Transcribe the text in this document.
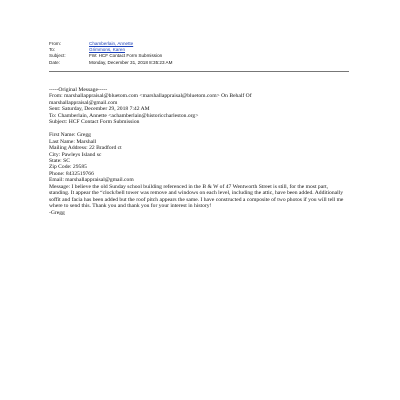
From:	Chamberlain, Annette
To:	Grimmons, Karen
Subject:	FW: HCF Contact Form Submission
Date:	Monday, December 31, 2018 8:35:23 AM
-----Original Message-----
From: marshallappraisal@bluetom.com <marshallappraisal@bluetom.com> On Behalf Of
marshallappraisal@gmail.com
Sent: Saturday, December 29, 2018 7:42 AM
To: Chamberlain, Annette <achamberlain@historiccharleston.org>
Subject: HCF Contact Form Submission
First Name: Gregg
Last Name: Marshall
Mailing Address: 22 Bradford ct
City: Pawleys Island sc
State: SC
Zip Code: 29585
Phone: 8432519766
Email: marshallappraisal@gmail.com
Message: I believe the old Sunday school building referenced in the B & W of 47 Wentworth Street is still, for the most part, standing. It appear the “clock/bell tower was remove and windows on each level, including the attic, have been added. Additionally soffit and facia has been added but the roof pitch appears the same. I have constructed a composite of two photos if you will tell me where to send this. Thank you and thank you for your interest in history!
-Gregg
